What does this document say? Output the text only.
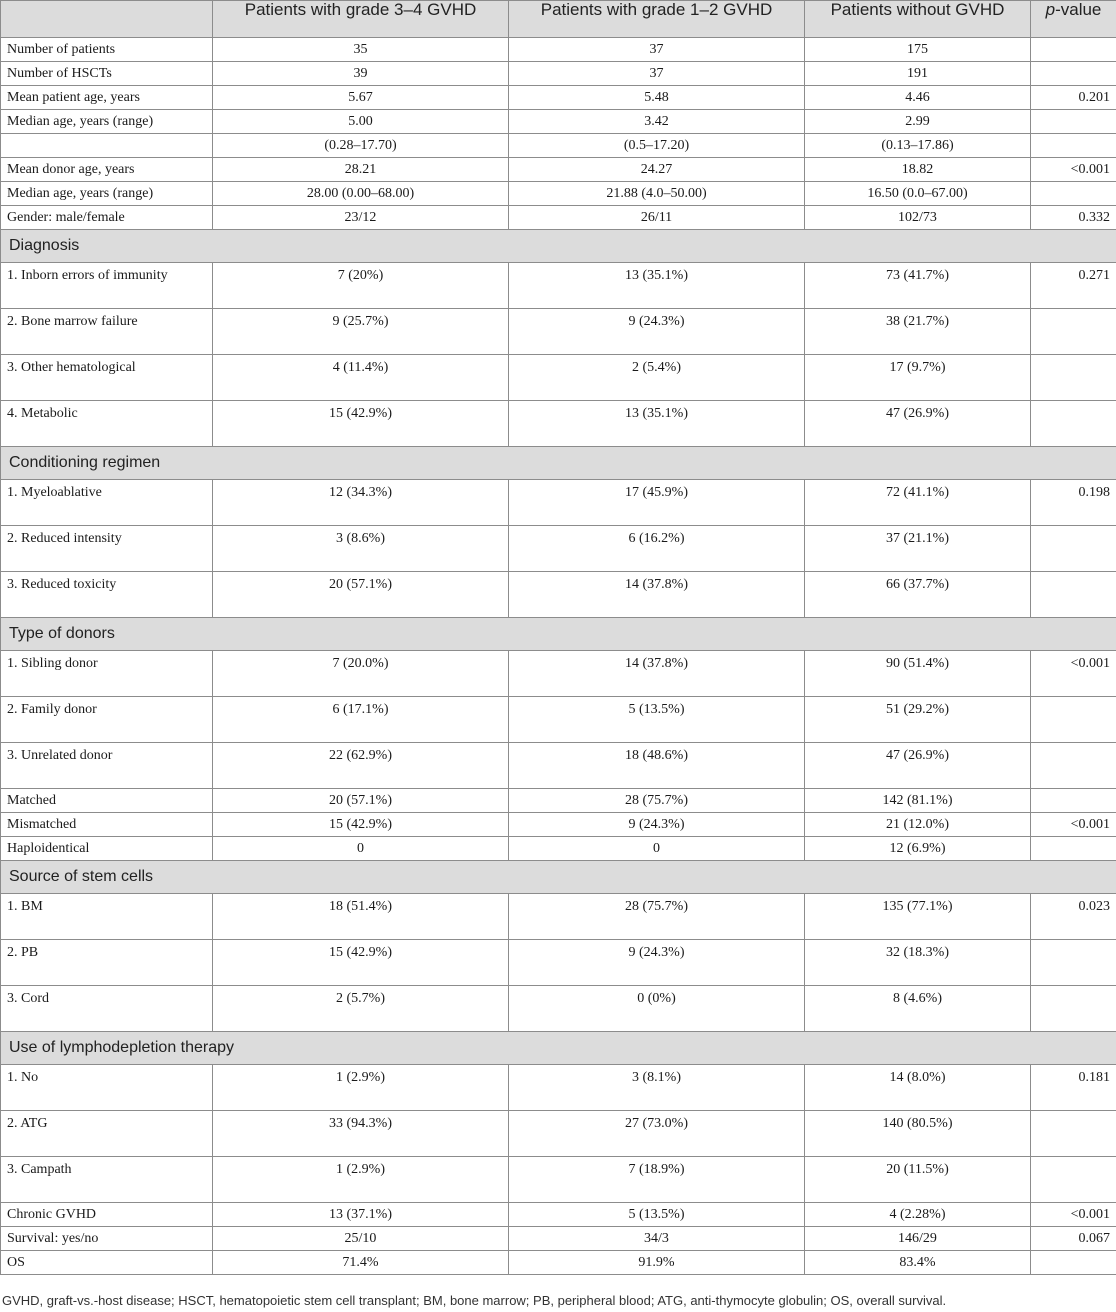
	Patients with grade 3–4 GVHD	Patients with grade 1–2 GVHD	Patients without GVHD	p-value
Number of patients	35	37	175	
Number of HSCTs	39	37	191	
Mean patient age, years	5.67	5.48	4.46	0.201
Median age, years (range)	5.00	3.42	2.99	
	(0.28–17.70)	(0.5–17.20)	(0.13–17.86)	
Mean donor age, years	28.21	24.27	18.82	<0.001
Median age, years (range)	28.00 (0.00–68.00)	21.88 (4.0–50.00)	16.50 (0.0–67.00)	
Gender: male/female	23/12	26/11	102/73	0.332
Diagnosis				
1. Inborn errors of immunity	7 (20%)	13 (35.1%)	73 (41.7%)	0.271
2. Bone marrow failure	9 (25.7%)	9 (24.3%)	38 (21.7%)	
3. Other hematological	4 (11.4%)	2 (5.4%)	17 (9.7%)	
4. Metabolic	15 (42.9%)	13 (35.1%)	47 (26.9%)	
Conditioning regimen				
1. Myeloablative	12 (34.3%)	17 (45.9%)	72 (41.1%)	0.198
2. Reduced intensity	3 (8.6%)	6 (16.2%)	37 (21.1%)	
3. Reduced toxicity	20 (57.1%)	14 (37.8%)	66 (37.7%)	
Type of donors				
1. Sibling donor	7 (20.0%)	14 (37.8%)	90 (51.4%)	<0.001
2. Family donor	6 (17.1%)	5 (13.5%)	51 (29.2%)	
3. Unrelated donor	22 (62.9%)	18 (48.6%)	47 (26.9%)	
Matched	20 (57.1%)	28 (75.7%)	142 (81.1%)	
Mismatched	15 (42.9%)	9 (24.3%)	21 (12.0%)	<0.001
Haploidentical	0	0	12 (6.9%)	
Source of stem cells				
1. BM	18 (51.4%)	28 (75.7%)	135 (77.1%)	0.023
2. PB	15 (42.9%)	9 (24.3%)	32 (18.3%)	
3. Cord	2 (5.7%)	0 (0%)	8 (4.6%)	
Use of lymphodepletion therapy				
1. No	1 (2.9%)	3 (8.1%)	14 (8.0%)	0.181
2. ATG	33 (94.3%)	27 (73.0%)	140 (80.5%)	
3. Campath	1 (2.9%)	7 (18.9%)	20 (11.5%)	
Chronic GVHD	13 (37.1%)	5 (13.5%)	4 (2.28%)	<0.001
Survival: yes/no	25/10	34/3	146/29	0.067
OS	71.4%	91.9%	83.4%	
GVHD, graft-vs.-host disease; HSCT, hematopoietic stem cell transplant; BM, bone marrow; PB, peripheral blood; ATG, anti-thymocyte globulin; OS, overall survival.
